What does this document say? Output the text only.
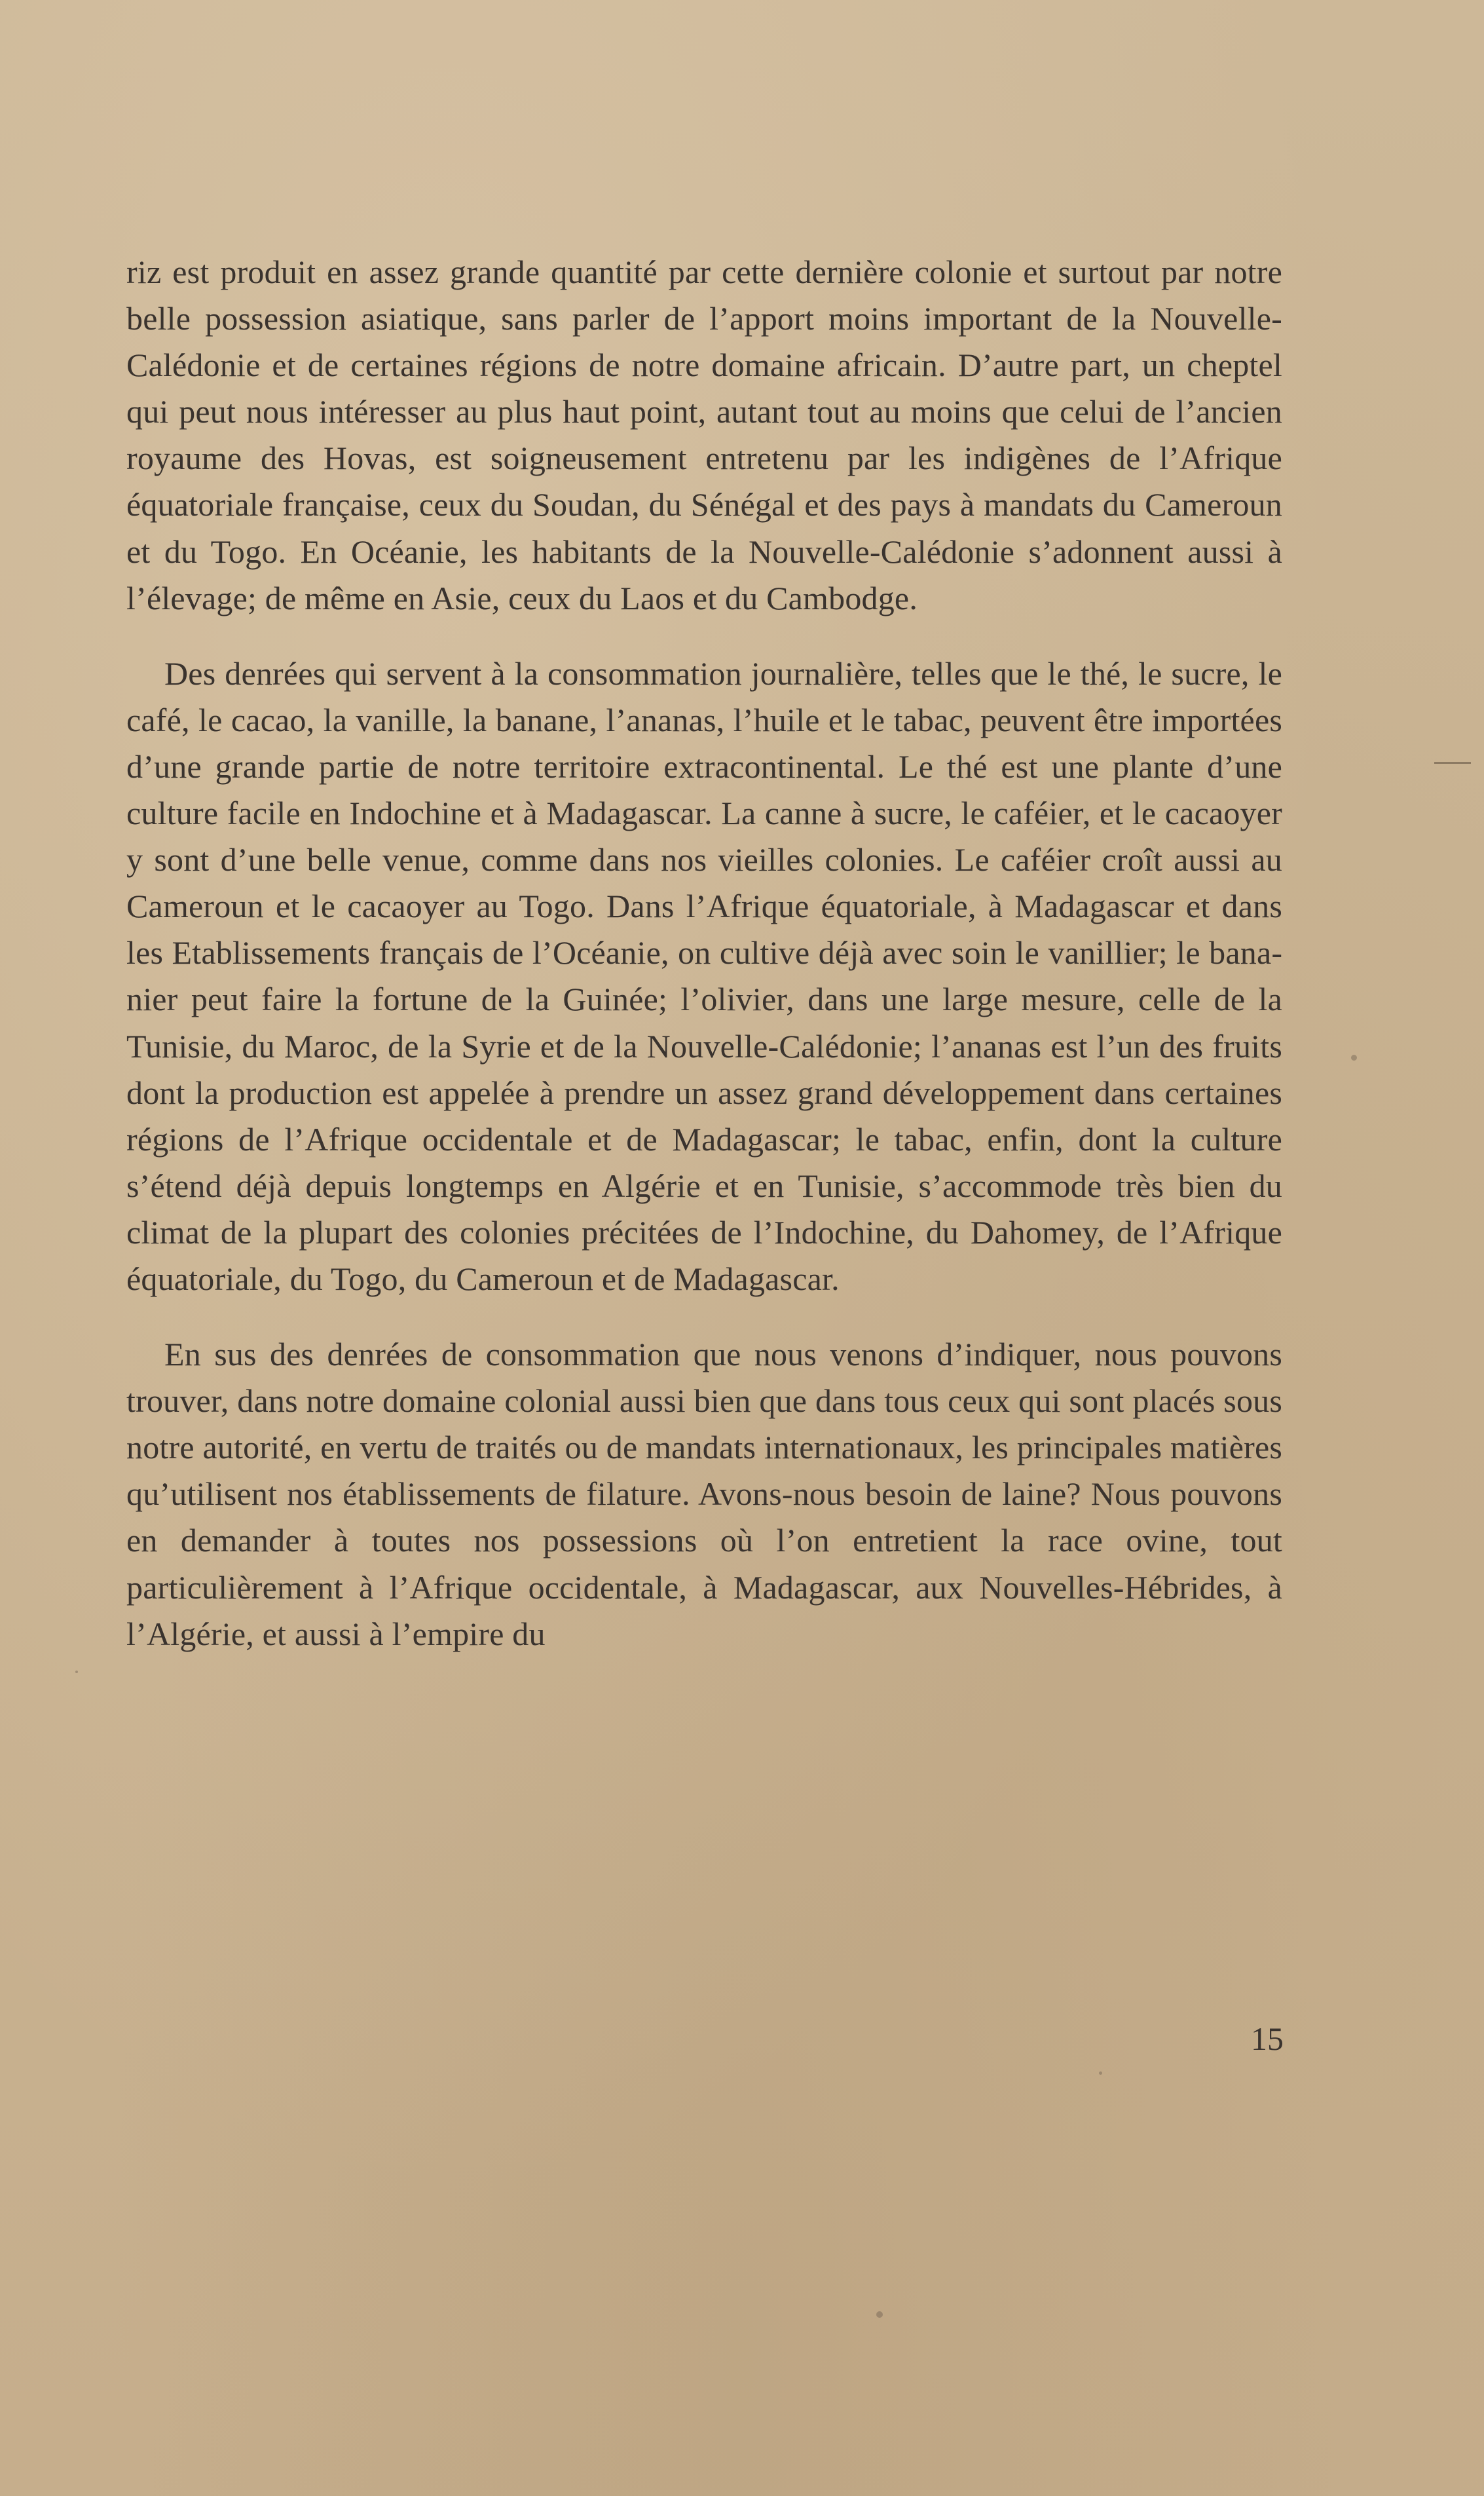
riz est produit en assez grande quantité par cette dernière colonie et surtout par notre belle possession asiatique, sans parler de l’apport moins important de la Nouvelle-Calédonie et de certaines régions de notre domaine africain. D’autre part, un cheptel qui peut nous intéresser au plus haut point, autant tout au moins que celui de l’ancien royaume des Hovas, est soigneusement entretenu par les indigènes de l’Afrique équatoriale française, ceux du Soudan, du Sénégal et des pays à mandats du Cameroun et du Togo. En Océanie, les habitants de la Nouvelle-Calédonie s’adonnent aussi à l’élevage; de même en Asie, ceux du Laos et du Cambodge.

Des denrées qui servent à la consommation journalière, telles que le thé, le sucre, le café, le cacao, la vanille, la banane, l’ananas, l’huile et le tabac, peuvent être importées d’une grande partie de notre territoire extracontinental. Le thé est une plante d’une culture facile en Indochine et à Madagascar. La canne à sucre, le caféier, et le cacaoyer y sont d’une belle venue, comme dans nos vieilles colonies. Le caféier croît aussi au Cameroun et le cacaoyer au Togo. Dans l’Afrique équatoriale, à Madagascar et dans les Etablissements français de l’Océanie, on cultive déjà avec soin le vanillier; le bananier peut faire la fortune de la Guinée; l’olivier, dans une large mesure, celle de la Tunisie, du Maroc, de la Syrie et de la Nouvelle-Calédonie; l’ananas est l’un des fruits dont la production est appelée à prendre un assez grand développement dans certaines régions de l’Afrique occidentale et de Madagascar; le tabac, enfin, dont la culture s’étend déjà depuis longtemps en Algérie et en Tunisie, s’accommode très bien du climat de la plupart des colonies précitées de l’Indochine, du Dahomey, de l’Afrique équatoriale, du Togo, du Cameroun et de Madagascar.

En sus des denrées de consommation que nous venons d’indiquer, nous pouvons trouver, dans notre domaine colonial aussi bien que dans tous ceux qui sont placés sous notre autorité, en vertu de traités ou de mandats internationaux, les principales matières qu’utilisent nos établissements de filature. Avons-nous besoin de laine? Nous pouvons en demander à toutes nos possessions où l’on entretient la race ovine, tout particulièrement à l’Afrique occidentale, à Madagascar, aux Nouvelles-Hébrides, à l’Algérie, et aussi à l’empire du

15
